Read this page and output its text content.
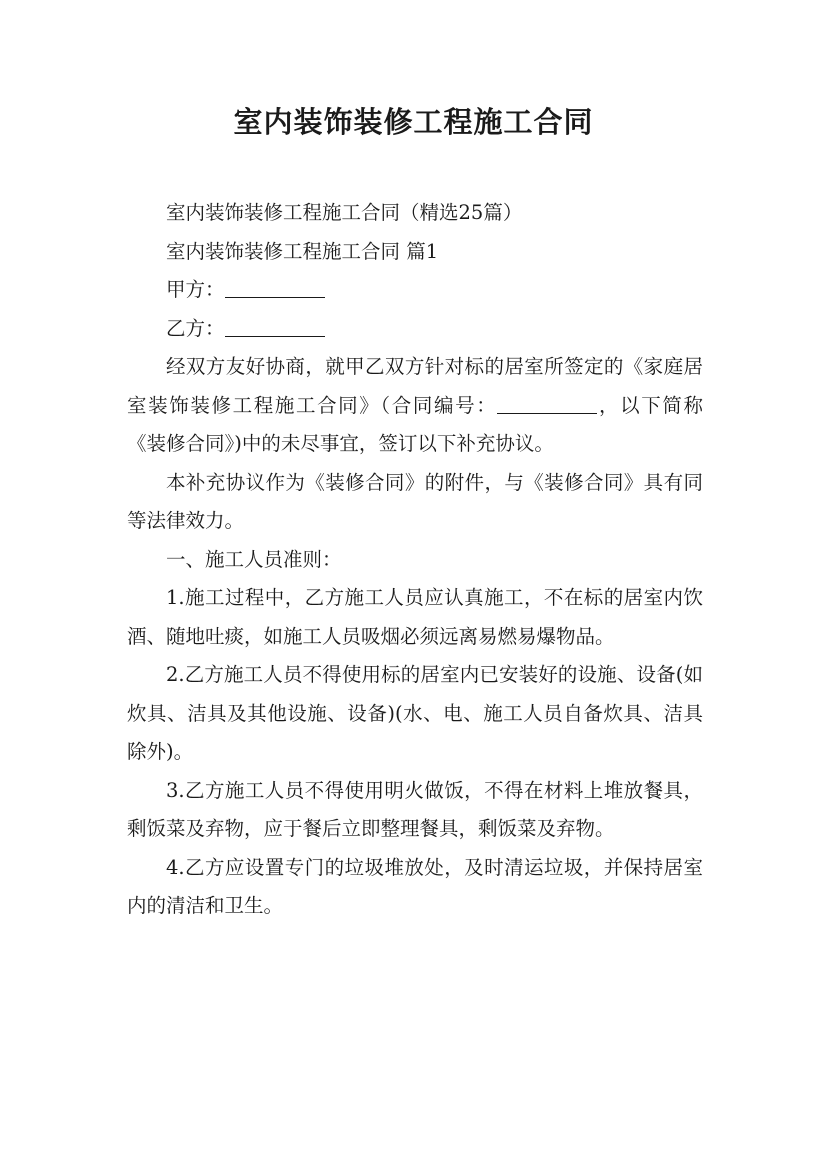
室内装饰装修工程施工合同

室内装饰装修工程施工合同（精选25篇）

室内装饰装修工程施工合同 篇1

甲方：

乙方：

经双方友好协商，就甲乙双方针对标的居室所签定的《家庭居室装饰装修工程施工合同》（合同编号：	，以下简称《装修合同》)中的未尽事宜，签订以下补充协议。

本补充协议作为《装修合同》的附件，与《装修合同》具有同等法律效力。

一、施工人员准则：

1.施工过程中，乙方施工人员应认真施工，不在标的居室内饮酒、随地吐痰，如施工人员吸烟必须远离易燃易爆物品。

2.乙方施工人员不得使用标的居室内已安装好的设施、设备(如炊具、洁具及其他设施、设备)(水、电、施工人员自备炊具、洁具除外)。

3.乙方施工人员不得使用明火做饭，不得在材料上堆放餐具，剩饭菜及弃物，应于餐后立即整理餐具，剩饭菜及弃物。

4.乙方应设置专门的垃圾堆放处，及时清运垃圾，并保持居室内的清洁和卫生。
